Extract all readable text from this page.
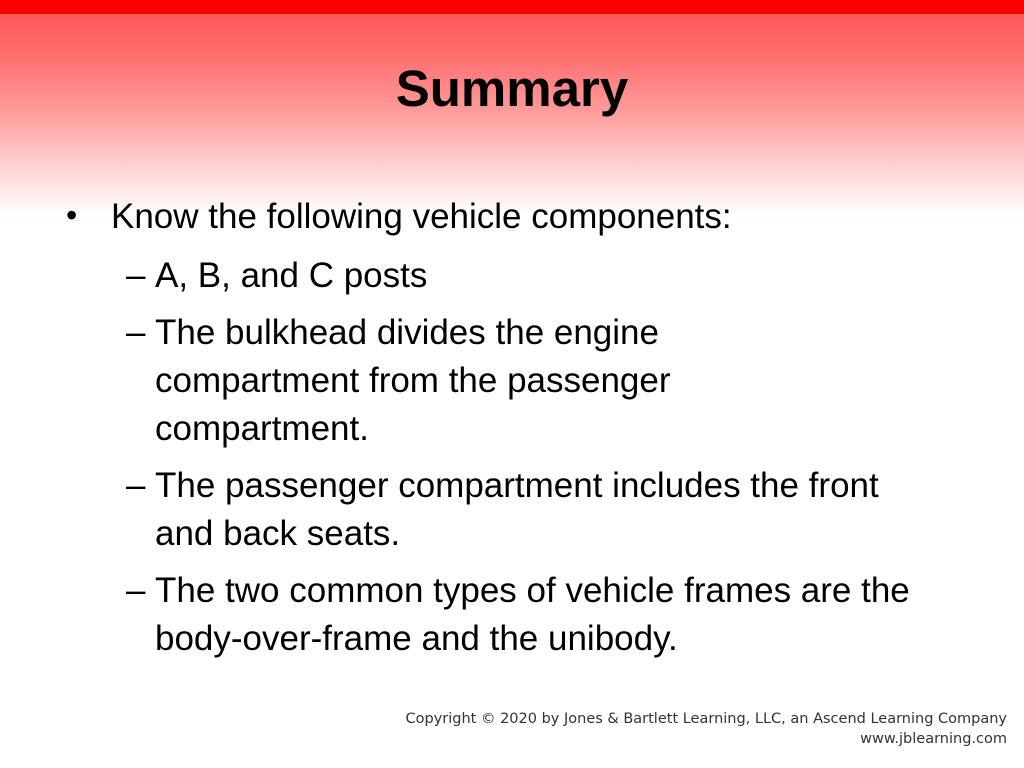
Summary
• Know the following vehicle components:
– A, B, and C posts
– The bulkhead divides the engine compartment from the passenger compartment.
– The passenger compartment includes the front and back seats.
– The two common types of vehicle frames are the body-over-frame and the unibody.
Copyright © 2020 by Jones & Bartlett Learning, LLC, an Ascend Learning Company
www.jblearning.com
